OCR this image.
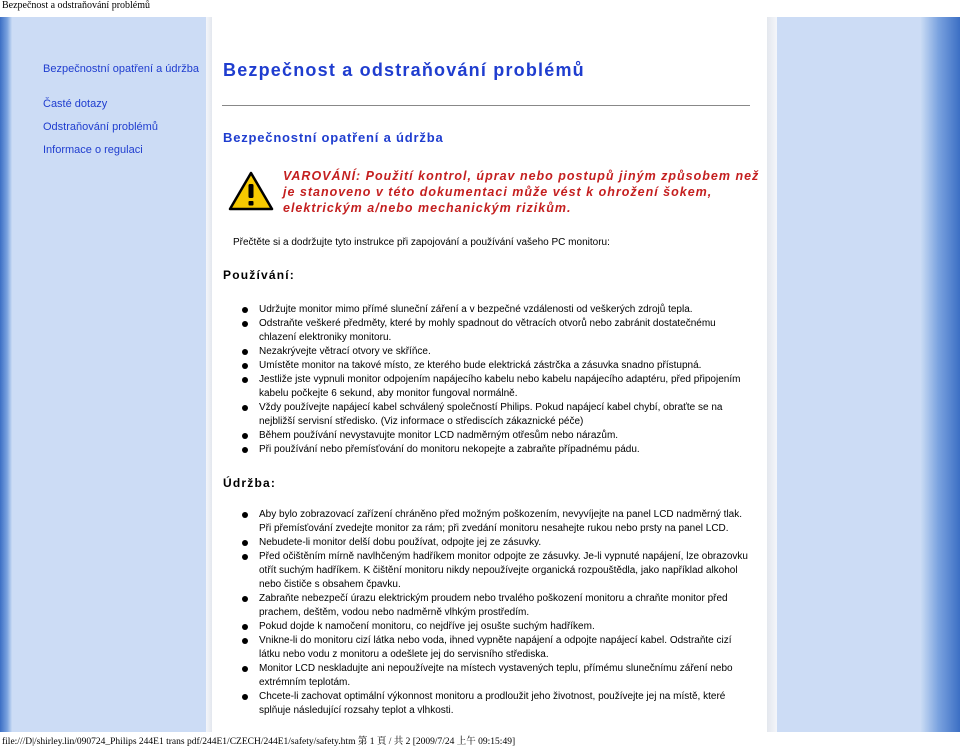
Bezpečnost a odstraňování problémů
Bezpečnostní opatření a údržba
Časté dotazy
Odstraňování problémů
Informace o regulaci
Bezpečnost a odstraňování problémů
Bezpečnostní opatření a údržba
VAROVÁNÍ: Použití kontrol, úprav nebo postupů jiným způsobem než je stanoveno v této dokumentaci může vést k ohrožení šokem, elektrickým a/nebo mechanickým rizikům.
Přečtěte si a dodržujte tyto instrukce při zapojování a používání vašeho PC monitoru:
Používání:
Udržujte monitor mimo přímé sluneční záření a v bezpečné vzdálenosti od veškerých zdrojů tepla.
Odstraňte veškeré předměty, které by mohly spadnout do větracích otvorů nebo zabránit dostatečnému chlazení elektroniky monitoru.
Nezakrývejte větrací otvory ve skříňce.
Umístěte monitor na takové místo, ze kterého bude elektrická zástrčka a zásuvka snadno přístupná.
Jestliže jste vypnuli monitor odpojením napájecího kabelu nebo kabelu napájecího adaptéru, před připojením kabelu počkejte 6 sekund, aby monitor fungoval normálně.
Vždy používejte napájecí kabel schválený společností Philips. Pokud napájecí kabel chybí, obraťte se na nejbližší servisní středisko. (Viz informace o střediscích zákaznické péče)
Během používání nevystavujte monitor LCD nadměrným otřesům nebo nárazům.
Při používání nebo přemísťování do monitoru nekopejte a zabraňte případnému pádu.
Údržba:
Aby bylo zobrazovací zařízení chráněno před možným poškozením, nevyvíjejte na panel LCD nadměrný tlak. Při přemísťování zvedejte monitor za rám; při zvedání monitoru nesahejte rukou nebo prsty na panel LCD.
Nebudete-li monitor delší dobu používat, odpojte jej ze zásuvky.
Před očištěním mírně navlhčeným hadříkem monitor odpojte ze zásuvky. Je-li vypnuté napájení, lze obrazovku otřít suchým hadříkem. K čištění monitoru nikdy nepoužívejte organická rozpouštědla, jako například alkohol nebo čističe s obsahem čpavku.
Zabraňte nebezpečí úrazu elektrickým proudem nebo trvalého poškození monitoru a chraňte monitor před prachem, deštěm, vodou nebo nadměrně vlhkým prostředím.
Pokud dojde k namočení monitoru, co nejdříve jej osušte suchým hadříkem.
Vnikne-li do monitoru cizí látka nebo voda, ihned vypněte napájení a odpojte napájecí kabel. Odstraňte cizí látku nebo vodu z monitoru a odešlete jej do servisního střediska.
Monitor LCD neskladujte ani nepoužívejte na místech vystavených teplu, přímému slunečnímu záření nebo extrémním teplotám.
Chcete-li zachovat optimální výkonnost monitoru a prodloužit jeho životnost, používejte jej na místě, které splňuje následující rozsahy teplot a vlhkosti.
file:///D|/shirley.lin/090724_Philips 244E1 trans pdf/244E1/CZECH/244E1/safety/safety.htm 第 1 頁 / 共 2 [2009/7/24 上午 09:15:49]
